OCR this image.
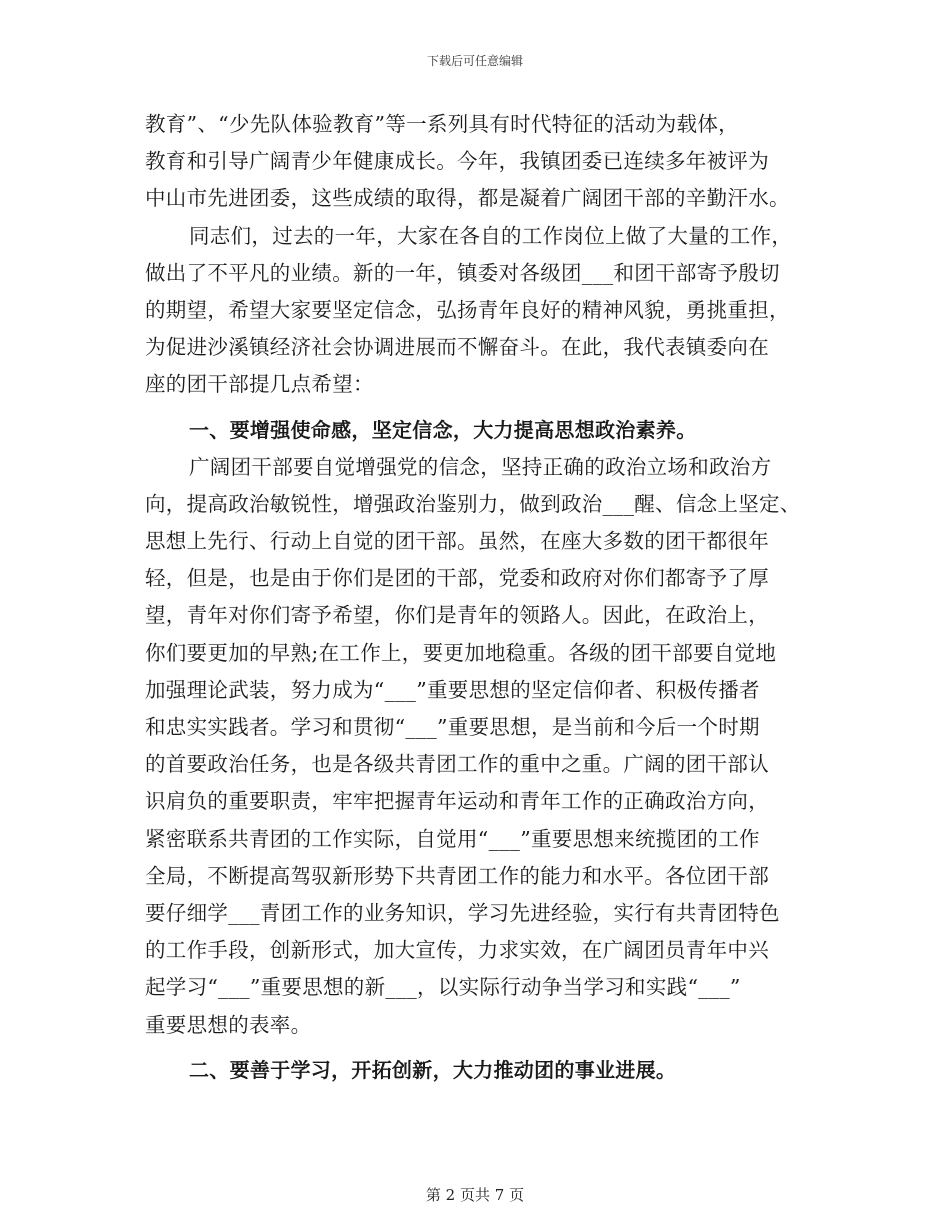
下载后可任意编辑
教育”、“少先队体验教育”等一系列具有时代特征的活动为载体，
教育和引导广阔青少年健康成长。今年，我镇团委已连续多年被评为
中山市先进团委，这些成绩的取得，都是凝着广阔团干部的辛勤汗水。
同志们，过去的一年，大家在各自的工作岗位上做了大量的工作，
做出了不平凡的业绩。新的一年，镇委对各级团___和团干部寄予殷切
的期望，希望大家要坚定信念，弘扬青年良好的精神风貌，勇挑重担，
为促进沙溪镇经济社会协调进展而不懈奋斗。在此，我代表镇委向在
座的团干部提几点希望：
一、要增强使命感，坚定信念，大力提高思想政治素养。
广阔团干部要自觉增强党的信念，坚持正确的政治立场和政治方
向，提高政治敏锐性，增强政治鉴别力，做到政治___醒、信念上坚定、
思想上先行、行动上自觉的团干部。虽然，在座大多数的团干都很年
轻，但是，也是由于你们是团的干部，党委和政府对你们都寄予了厚
望，青年对你们寄予希望，你们是青年的领路人。因此，在政治上，
你们要更加的早熟;在工作上，要更加地稳重。各级的团干部要自觉地
加强理论武装，努力成为“___”重要思想的坚定信仰者、积极传播者
和忠实实践者。学习和贯彻“___”重要思想，是当前和今后一个时期
的首要政治任务，也是各级共青团工作的重中之重。广阔的团干部认
识肩负的重要职责，牢牢把握青年运动和青年工作的正确政治方向，
紧密联系共青团的工作实际，自觉用“___”重要思想来统揽团的工作
全局，不断提高驾驭新形势下共青团工作的能力和水平。各位团干部
要仔细学___青团工作的业务知识，学习先进经验，实行有共青团特色
的工作手段，创新形式，加大宣传，力求实效，在广阔团员青年中兴
起学习“___”重要思想的新___，以实际行动争当学习和实践“___”
重要思想的表率。
二、要善于学习，开拓创新，大力推动团的事业进展。
第 2 页共 7 页
